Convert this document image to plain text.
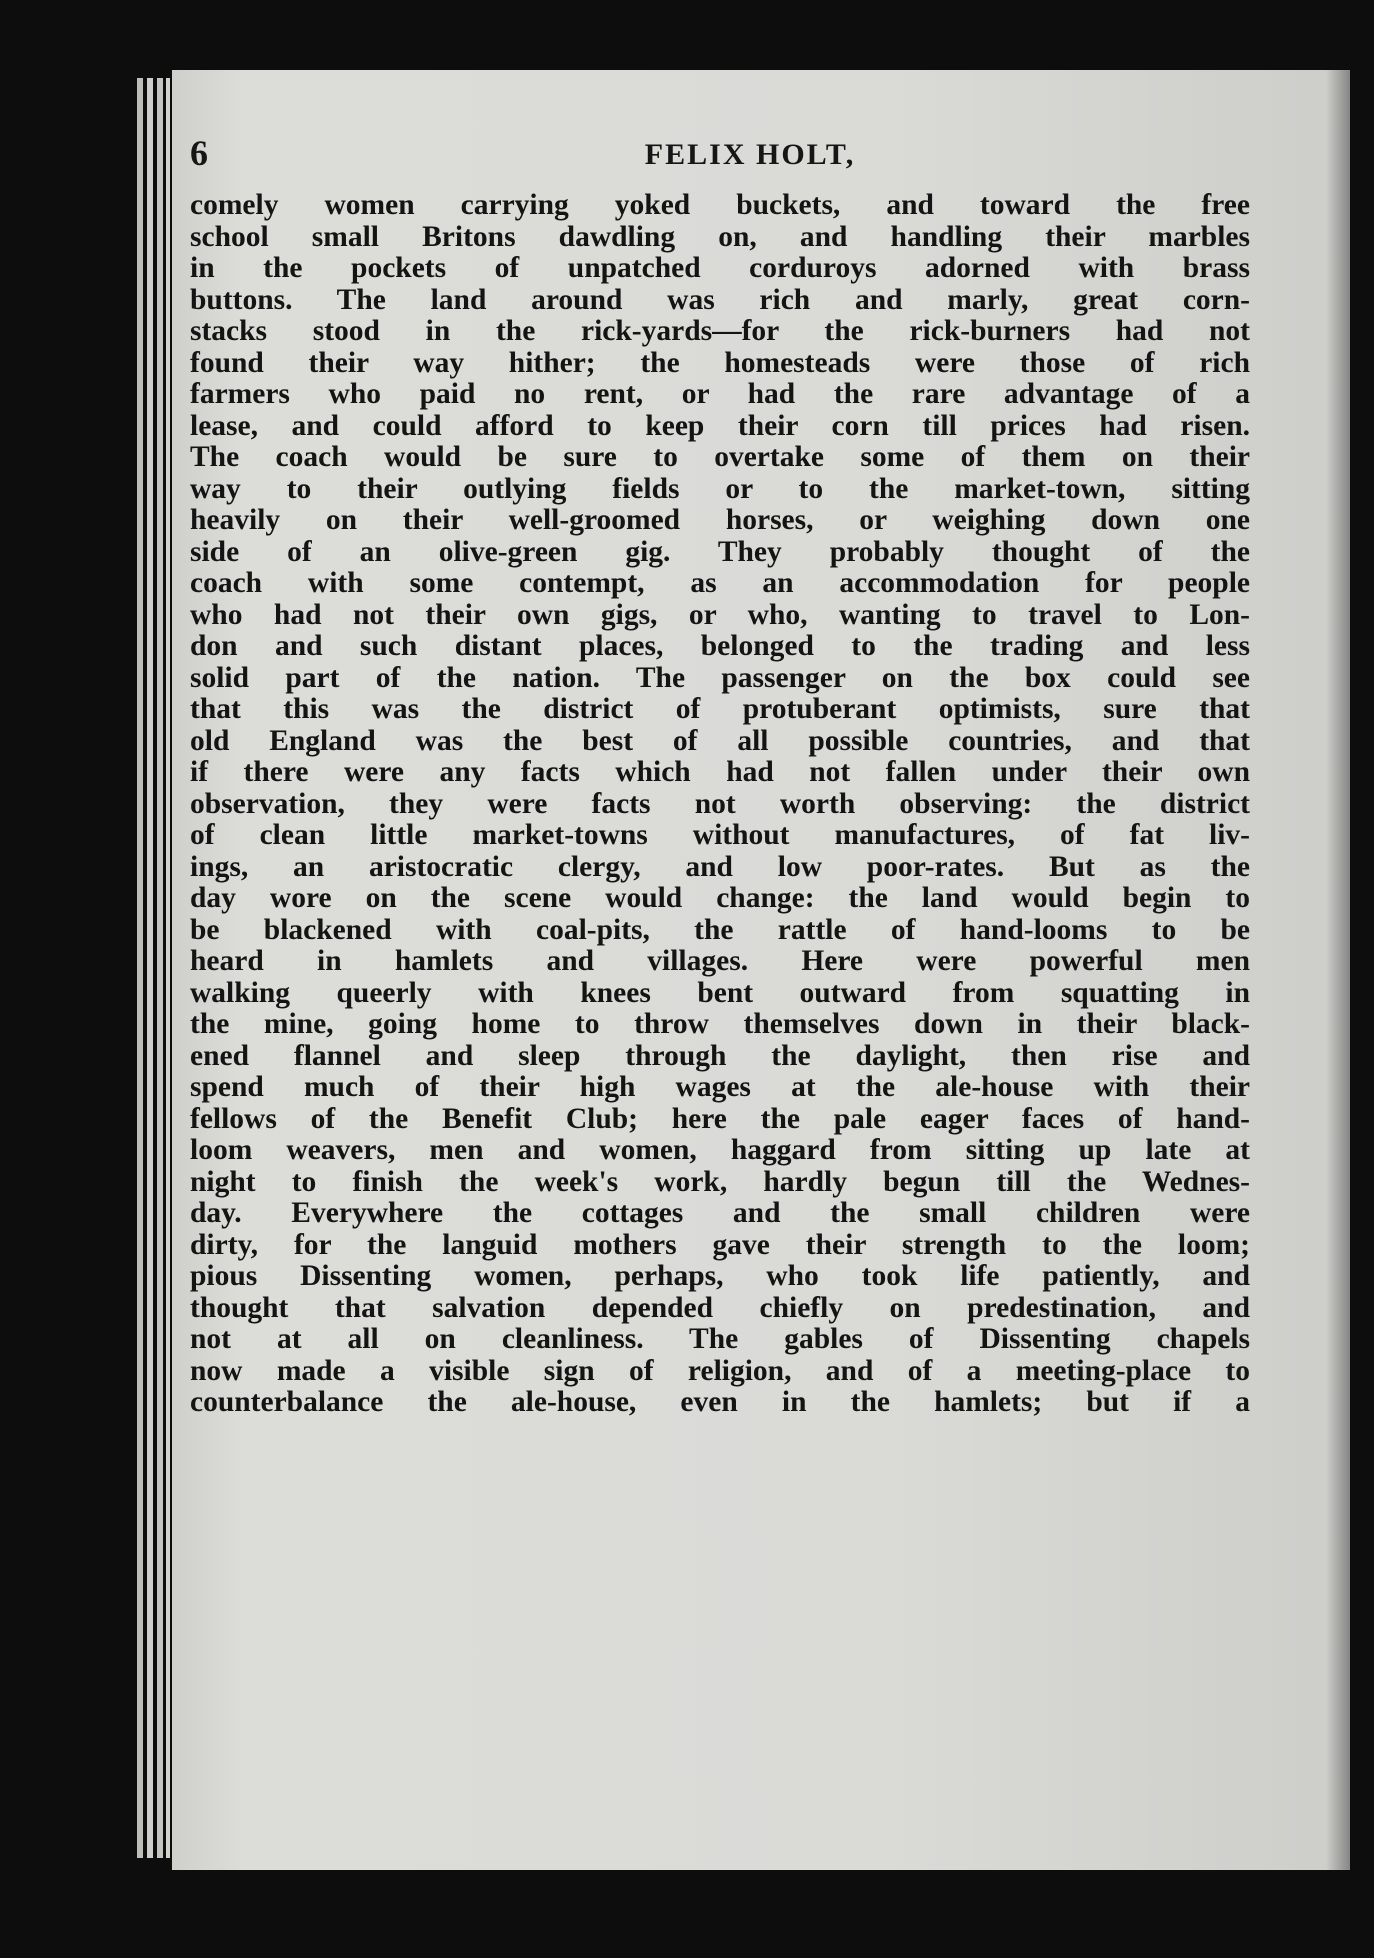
6	FELIX HOLT,
comely women carrying yoked buckets, and toward the free
school small Britons dawdling on, and handling their marbles
in the pockets of unpatched corduroys adorned with brass
buttons. The land around was rich and marly, great corn-
stacks stood in the rick-yards—for the rick-burners had not
found their way hither; the homesteads were those of rich
farmers who paid no rent, or had the rare advantage of a
lease, and could afford to keep their corn till prices had risen.
The coach would be sure to overtake some of them on their
way to their outlying fields or to the market-town, sitting
heavily on their well-groomed horses, or weighing down one
side of an olive-green gig. They probably thought of the
coach with some contempt, as an accommodation for people
who had not their own gigs, or who, wanting to travel to Lon-
don and such distant places, belonged to the trading and less
solid part of the nation. The passenger on the box could see
that this was the district of protuberant optimists, sure that
old England was the best of all possible countries, and that
if there were any facts which had not fallen under their own
observation, they were facts not worth observing: the district
of clean little market-towns without manufactures, of fat liv-
ings, an aristocratic clergy, and low poor-rates. But as the
day wore on the scene would change: the land would begin to
be blackened with coal-pits, the rattle of hand-looms to be
heard in hamlets and villages. Here were powerful men
walking queerly with knees bent outward from squatting in
the mine, going home to throw themselves down in their black-
ened flannel and sleep through the daylight, then rise and
spend much of their high wages at the ale-house with their
fellows of the Benefit Club; here the pale eager faces of hand-
loom weavers, men and women, haggard from sitting up late at
night to finish the week's work, hardly begun till the Wednes-
day. Everywhere the cottages and the small children were
dirty, for the languid mothers gave their strength to the loom;
pious Dissenting women, perhaps, who took life patiently, and
thought that salvation depended chiefly on predestination, and
not at all on cleanliness. The gables of Dissenting chapels
now made a visible sign of religion, and of a meeting-place to
counterbalance the ale-house, even in the hamlets; but if a
